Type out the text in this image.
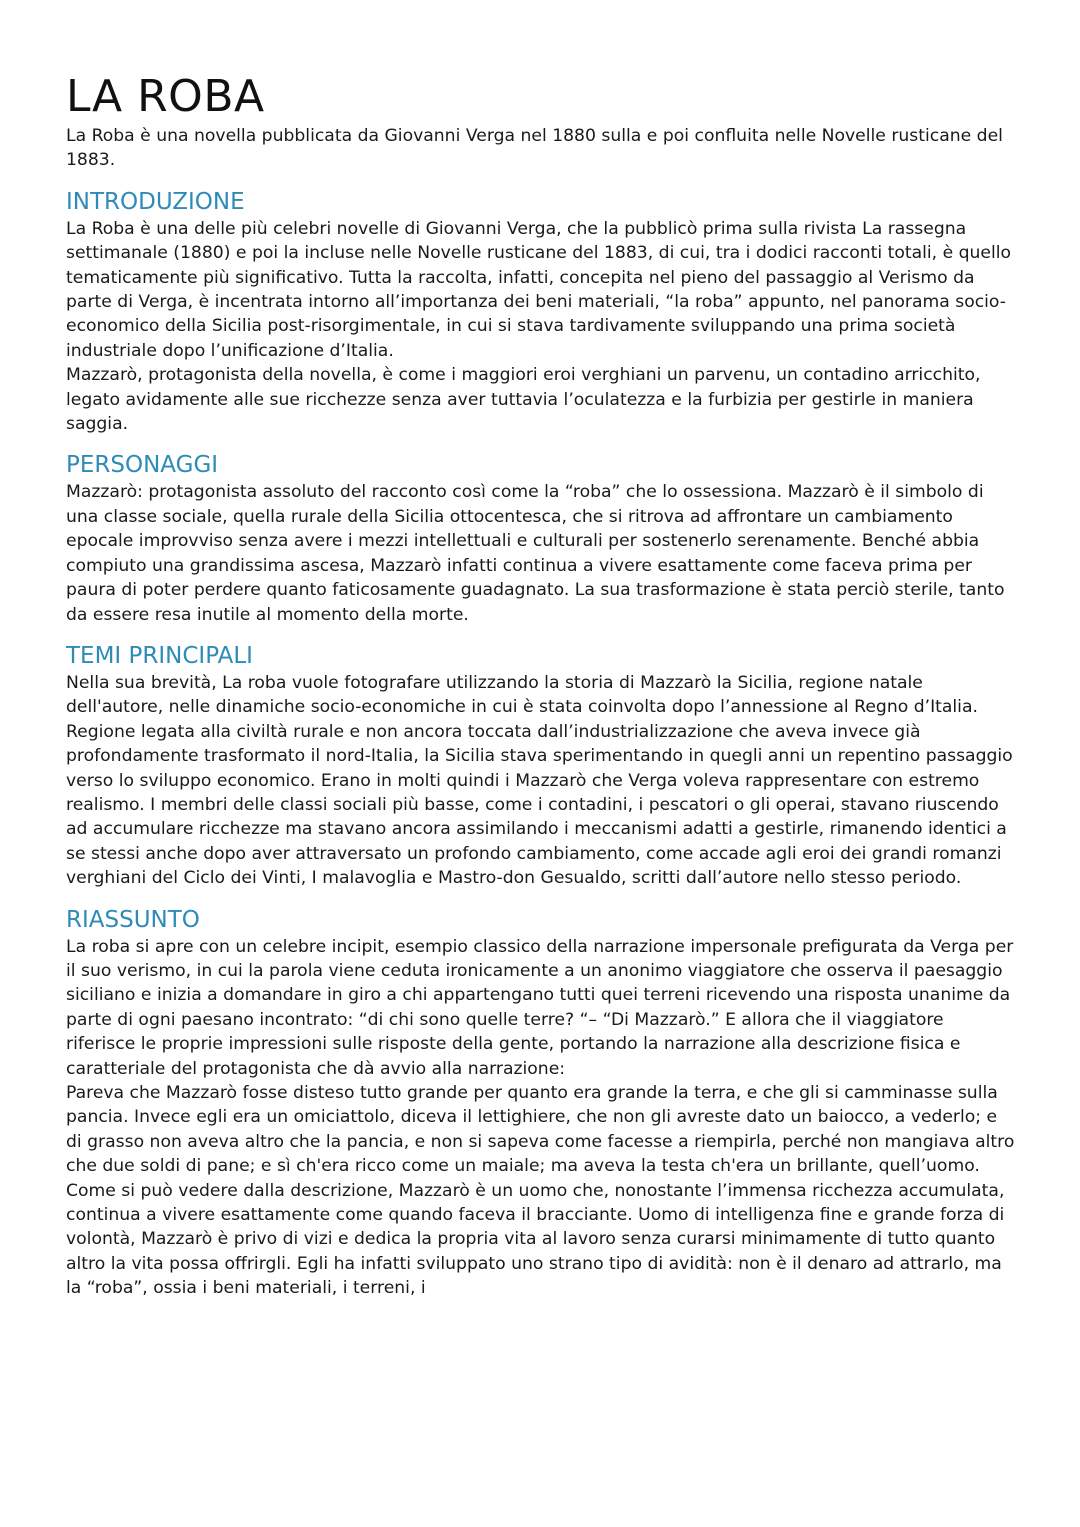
LA ROBA

La Roba è una novella pubblicata da Giovanni Verga nel 1880 sulla e poi confluita nelle Novelle rusticane del 1883.

INTRODUZIONE

La Roba è una delle più celebri novelle di Giovanni Verga, che la pubblicò prima sulla rivista La rassegna settimanale (1880) e poi la incluse nelle Novelle rusticane del 1883, di cui, tra i dodici racconti totali, è quello tematicamente più significativo. Tutta la raccolta, infatti, concepita nel pieno del passaggio al Verismo da parte di Verga, è incentrata intorno all’importanza dei beni materiali, “la roba” appunto, nel panorama socio-economico della Sicilia post-risorgimentale, in cui si stava tardivamente sviluppando una prima società industriale dopo l’unificazione d’Italia.

Mazzarò, protagonista della novella, è come i maggiori eroi verghiani un parvenu, un contadino arricchito, legato avidamente alle sue ricchezze senza aver tuttavia l’oculatezza e la furbizia per gestirle in maniera saggia.

PERSONAGGI

Mazzarò: protagonista assoluto del racconto così come la “roba” che lo ossessiona. Mazzarò è il simbolo di una classe sociale, quella rurale della Sicilia ottocentesca, che si ritrova ad affrontare un cambiamento epocale improvviso senza avere i mezzi intellettuali e culturali per sostenerlo serenamente. Benché abbia compiuto una grandissima ascesa, Mazzarò infatti continua a vivere esattamente come faceva prima per paura di poter perdere quanto faticosamente guadagnato. La sua trasformazione è stata perciò sterile, tanto da essere resa inutile al momento della morte.

TEMI PRINCIPALI

Nella sua brevità, La roba vuole fotografare utilizzando la storia di Mazzarò la Sicilia, regione natale dell'autore, nelle dinamiche socio-economiche in cui è stata coinvolta dopo l’annessione al Regno d’Italia. Regione legata alla civiltà rurale e non ancora toccata dall’industrializzazione che aveva invece già profondamente trasformato il nord-Italia, la Sicilia stava sperimentando in quegli anni un repentino passaggio verso lo sviluppo economico. Erano in molti quindi i Mazzarò che Verga voleva rappresentare con estremo realismo. I membri delle classi sociali più basse, come i contadini, i pescatori o gli operai, stavano riuscendo ad accumulare ricchezze ma stavano ancora assimilando i meccanismi adatti a gestirle, rimanendo identici a se stessi anche dopo aver attraversato un profondo cambiamento, come accade agli eroi dei grandi romanzi verghiani del Ciclo dei Vinti, I malavoglia e Mastro-don Gesualdo, scritti dall’autore nello stesso periodo.

RIASSUNTO

La roba si apre con un celebre incipit, esempio classico della narrazione impersonale prefigurata da Verga per il suo verismo, in cui la parola viene ceduta ironicamente a un anonimo viaggiatore che osserva il paesaggio siciliano e inizia a domandare in giro a chi appartengano tutti quei terreni ricevendo una risposta unanime da parte di ogni paesano incontrato: “di chi sono quelle terre? “– “Di Mazzarò.” E allora che il viaggiatore riferisce le proprie impressioni sulle risposte della gente, portando la narrazione alla descrizione fisica e caratteriale del protagonista che dà avvio alla narrazione:

Pareva che Mazzarò fosse disteso tutto grande per quanto era grande la terra, e che gli si camminasse sulla pancia. Invece egli era un omiciattolo, diceva il lettighiere, che non gli avreste dato un baiocco, a vederlo; e di grasso non aveva altro che la pancia, e non si sapeva come facesse a riempirla, perché non mangiava altro che due soldi di pane; e sì ch'era ricco come un maiale; ma aveva la testa ch'era un brillante, quell’uomo.

Come si può vedere dalla descrizione, Mazzarò è un uomo che, nonostante l’immensa ricchezza accumulata, continua a vivere esattamente come quando faceva il bracciante. Uomo di intelligenza fine e grande forza di volontà, Mazzarò è privo di vizi e dedica la propria vita al lavoro senza curarsi minimamente di tutto quanto altro la vita possa offrirgli. Egli ha infatti sviluppato uno strano tipo di avidità: non è il denaro ad attrarlo, ma la “roba”, ossia i beni materiali, i terreni, i
